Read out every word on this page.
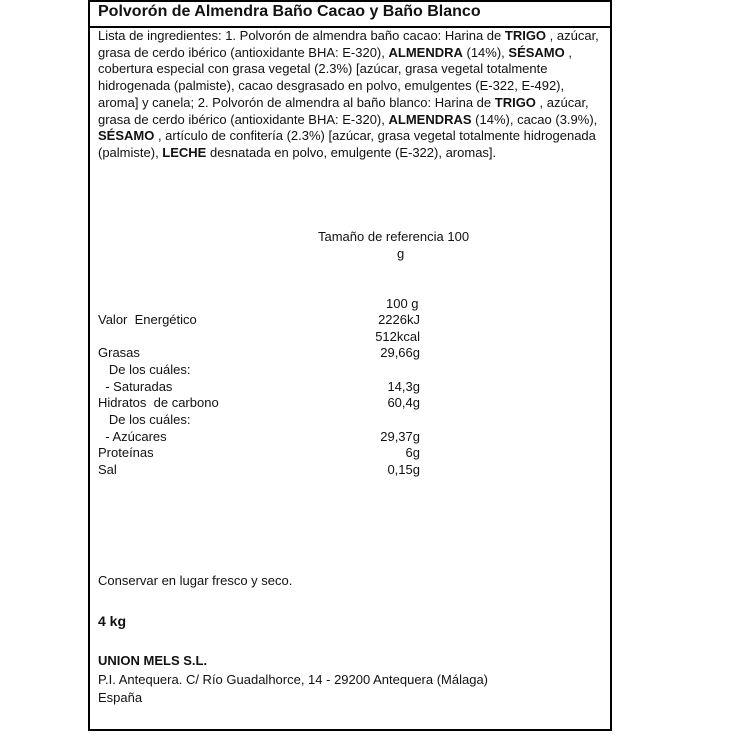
Polvorón de Almendra Baño Cacao y Baño Blanco
Lista de ingredientes: 1. Polvorón de almendra baño cacao: Harina de TRIGO , azúcar, grasa de cerdo ibérico (antioxidante BHA: E-320), ALMENDRA (14%), SÉSAMO , cobertura especial con grasa vegetal (2.3%) [azúcar, grasa vegetal totalmente hidrogenada (palmiste), cacao desgrasado en polvo, emulgentes (E-322, E-492), aroma] y canela; 2. Polvorón de almendra al baño blanco: Harina de TRIGO , azúcar, grasa de cerdo ibérico (antioxidante BHA: E-320), ALMENDRAS (14%), cacao (3.9%), SÉSAMO , artículo de confitería (2.3%) [azúcar, grasa vegetal totalmente hidrogenada (palmiste), LECHE desnatada en polvo, emulgente (E-322), aromas].
Tamaño de referencia 100
g
100 g
Valor  Energético	2226kJ
512kcal
Grasas	29,66g
De los cuáles:
- Saturadas	14,3g
Hidratos  de carbono	60,4g
De los cuáles:
- Azúcares	29,37g
Proteínas	6g
Sal	0,15g
Conservar en lugar fresco y seco.
4 kg
UNION MELS S.L.
P.I. Antequera. C/ Río Guadalhorce, 14 - 29200 Antequera (Málaga)
España
